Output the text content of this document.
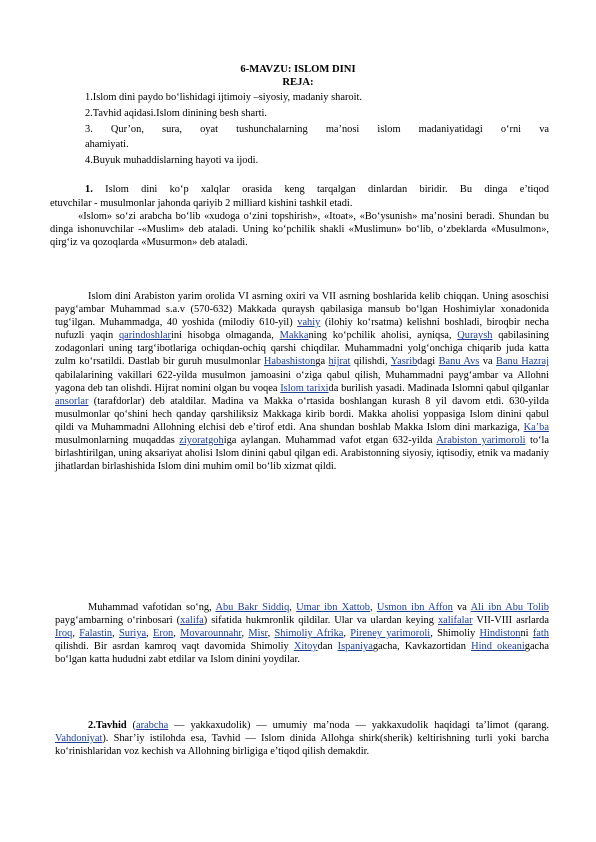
6-MAVZU: ISLOM DINI
REJA:
1.Islom dini paydo bo‘lishidagi ijtimoiy –siyosiy, madaniy sharoit.
2.Tavhid aqidasi.Islom dinining besh sharti.
3. Qur’on, sura, oyat tushunchalarning ma’nosi islom madaniyatidagi o‘rni va
ahamiyati.
4.Buyuk muhaddislarning hayoti va ijodi.
1. Islom dini ko‘p xalqlar orasida keng tarqalgan dinlardan biridir. Bu dinga e’tiqod
etuvchilar - musulmonlar jahonda qariyib 2 milliard kishini tashkil etadi.
«Islom» so‘zi arabcha bo‘lib «xudoga o‘zini topshirish», «Itoat», «Bo‘ysunish» ma’nosini beradi. Shundan bu dinga ishonuvchilar -«Muslim» deb ataladi. Uning ko‘pchilik shakli «Muslimun» bo‘lib, o‘zbeklarda «Musulmon», qirg‘iz va qozoqlarda «Musurmon» deb ataladi.
Islom dini Arabiston yarim orolida VI asrning oxiri va VII asrning boshlarida kelib chiqqan. Uning asoschisi payg‘ambar Muhammad s.a.v (570-632) Makkada quraysh qabilasiga mansub bo‘lgan Hoshimiylar xonadonida tug‘ilgan. Muhammadga, 40 yoshida (milodiy 610-yil) vahiy (ilohiy ko‘rsatma) kelishni boshladi, biroqbir necha nufuzli yaqin qarindoshlarini hisobga olmaganda, Makkaning ko‘pchilik aholisi, ayniqsa, Quraysh qabilasining zodagonlari uning targ‘ibotlariga ochiqdan-ochiq qarshi chiqdilar. Muhammadni yolg‘onchiga chiqarib juda katta zulm ko‘rsatildi. Dastlab bir guruh musulmonlar Habashistonga hijrat qilishdi, Yasribdagi Banu Avs va Banu Hazraj qabilalarining vakillari 622-yilda musulmon jamoasini o‘ziga qabul qilish, Muhammadni payg‘ambar va Allohni yagona deb tan olishdi. Hijrat nomini olgan bu voqea Islom tarixida burilish yasadi. Madinada Islomni qabul qilganlar ansorlar (tarafdorlar) deb ataldilar. Madina va Makka o‘rtasida boshlangan kurash 8 yil davom etdi. 630-yilda musulmonlar qo‘shini hech qanday qarshiliksiz Makkaga kirib bordi. Makka aholisi yoppasiga Islom dinini qabul qildi va Muhammadni Allohning elchisi deb e’tirof etdi. Ana shundan boshlab Makka Islom dini markaziga, Ka’ba musulmonlarning muqaddas ziyoratgohiga aylangan. Muhammad vafot etgan 632-yilda Arabiston yarimoroli to‘la birlashtirilgan, uning aksariyat aholisi Islom dinini qabul qilgan edi. Arabistonning siyosiy, iqtisodiy, etnik va madaniy jihatlardan birlashishida Islom dini muhim omil bo‘lib xizmat qildi.
Muhammad vafotidan so‘ng, Abu Bakr Siddiq, Umar ibn Xattob, Usmon ibn Affon va Ali ibn Abu Tolib payg‘ambarning o‘rinbosari (xalifa) sifatida hukmronlik qildilar. Ular va ulardan keying xalifalar VII-VIII asrlarda Iroq, Falastin, Suriya, Eron, Movarounnahr, Misr, Shimoliy Afrika, Pireney yarimoroli, Shimoliy Hindistonni fath qilishdi. Bir asrdan kamroq vaqt davomida Shimoliy Xitoydan Ispaniyagacha, Kavkazortidan Hind okeanigacha bo‘lgan katta hududni zabt etdilar va Islom dinini yoydilar.
2.Tavhid (arabcha — yakkaxudolik) — umumiy ma’noda — yakkaxudolik haqidagi ta’limot (qarang. Vahdoniyat). Shar’iy istilohda esa, Tavhid — Islom dinida Allohga shirk(sherik) keltirishning turli yoki barcha ko‘rinishlaridan voz kechish va Allohning birligiga e’tiqod qilish demakdir.
